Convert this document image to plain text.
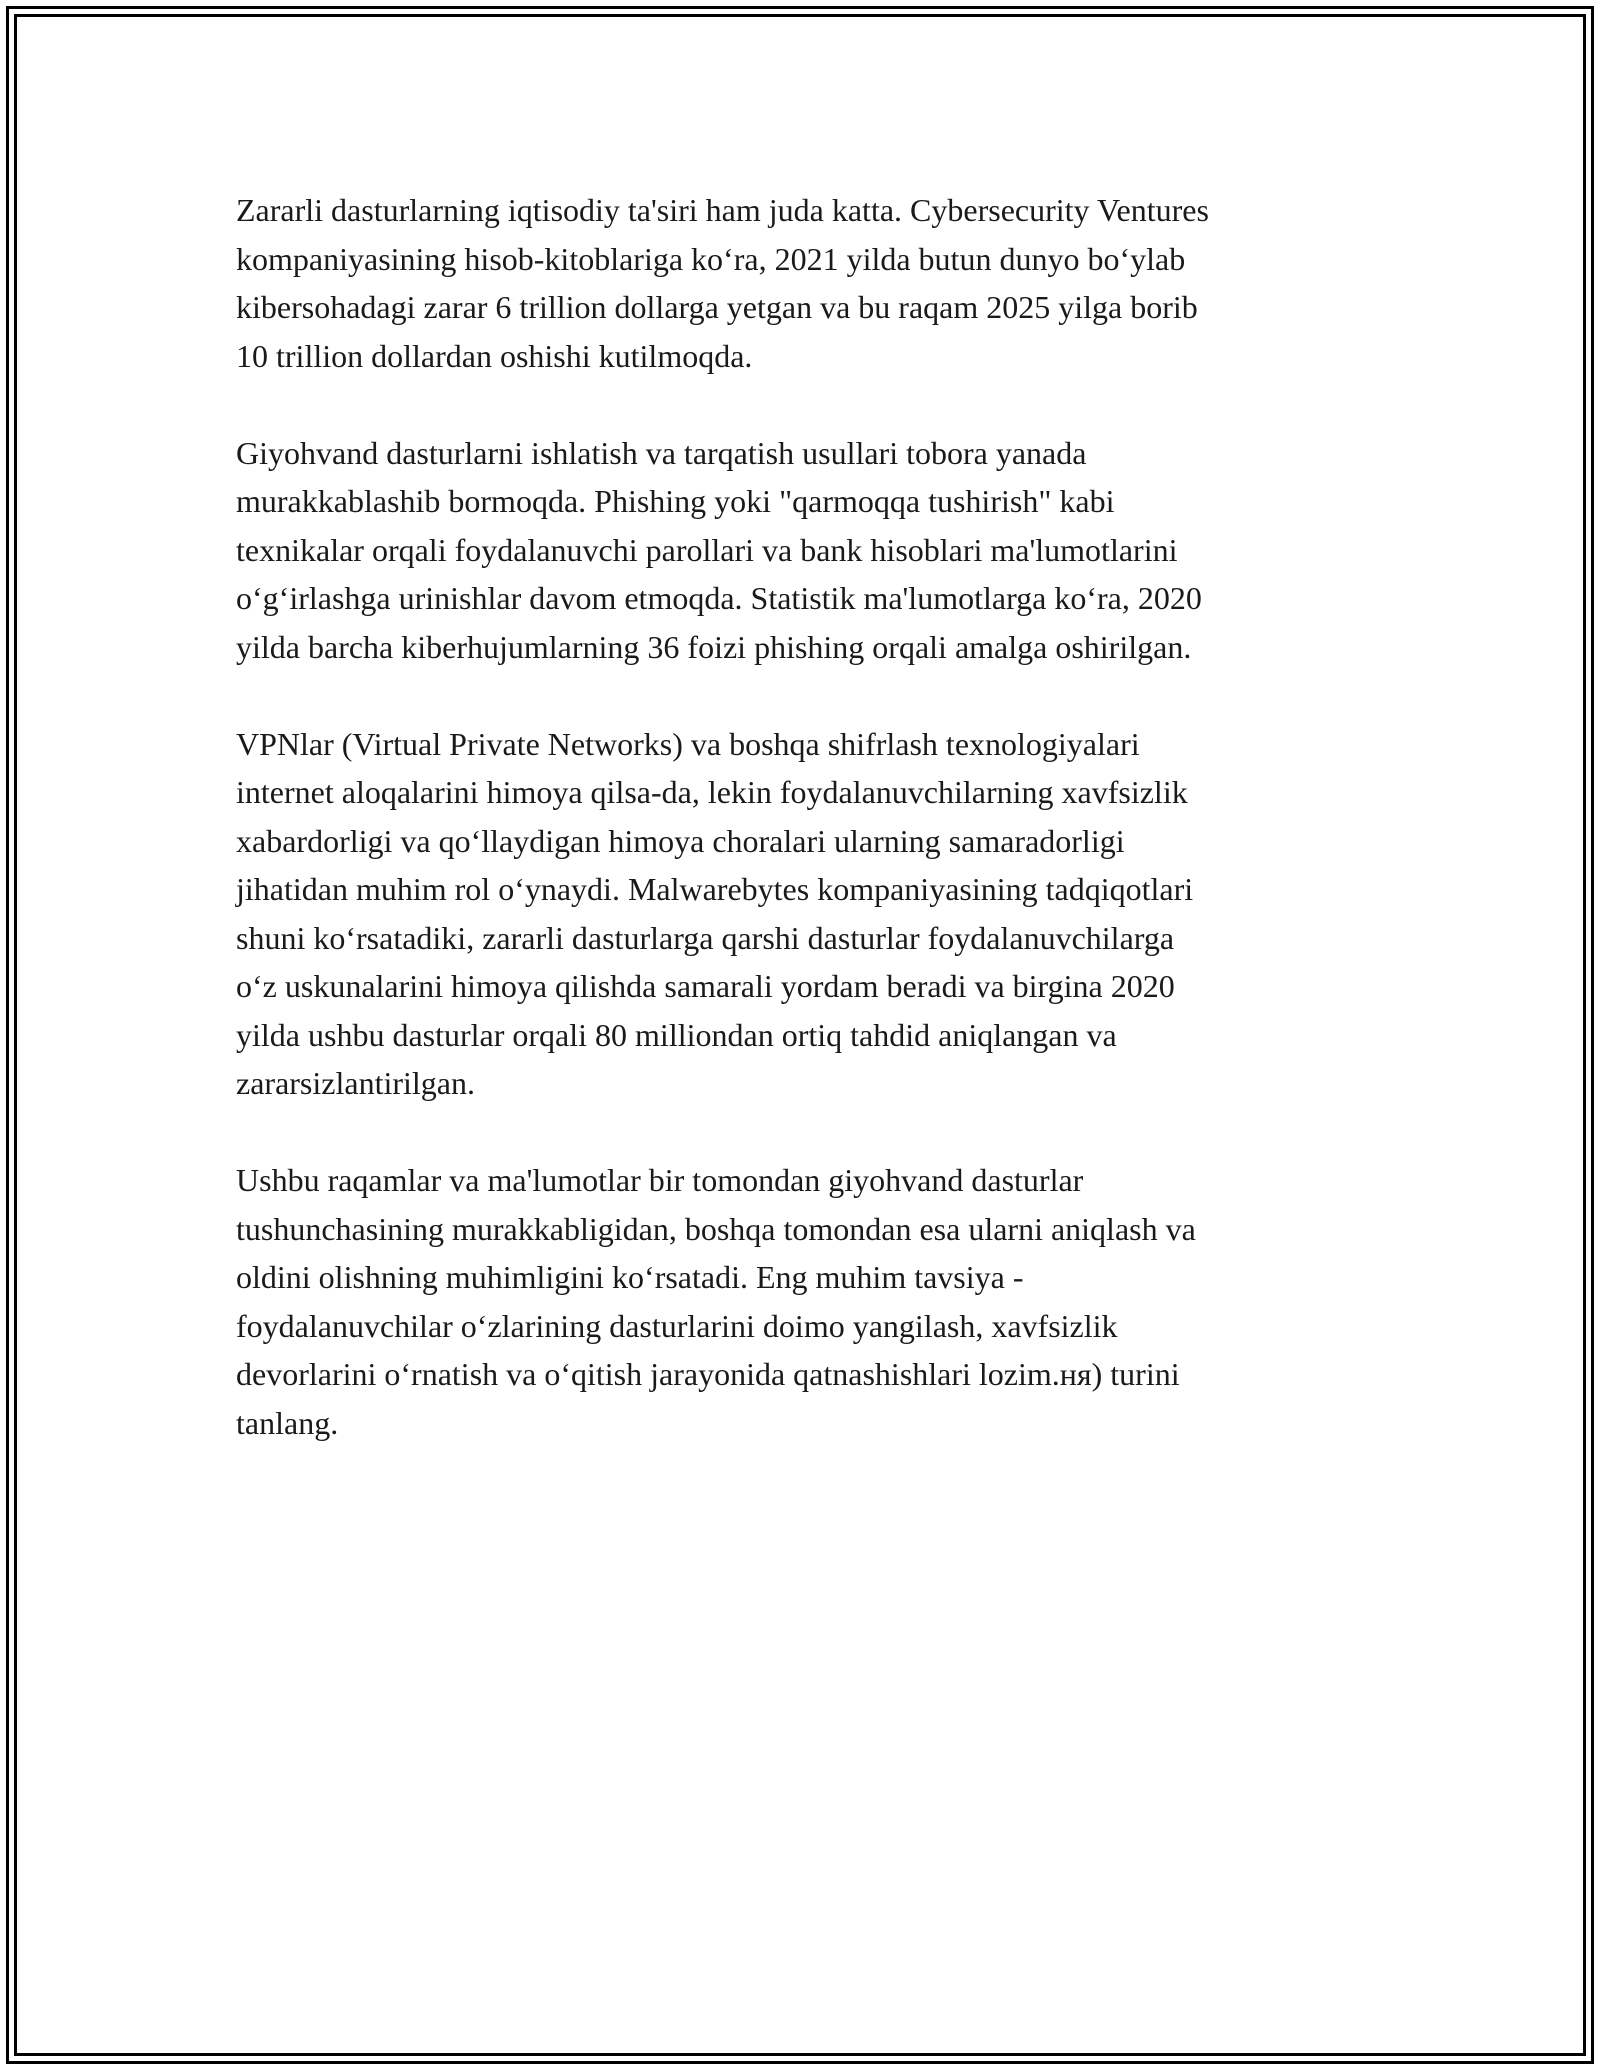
Zararli dasturlarning iqtisodiy ta'siri ham juda katta. Cybersecurity Ventures
kompaniyasining hisob-kitoblariga ko‘ra, 2021 yilda butun dunyo bo‘ylab
kibersohadagi zarar 6 trillion dollarga yetgan va bu raqam 2025 yilga borib
10 trillion dollardan oshishi kutilmoqda.

Giyohvand dasturlarni ishlatish va tarqatish usullari tobora yanada
murakkablashib bormoqda. Phishing yoki "qarmoqqa tushirish" kabi
texnikalar orqali foydalanuvchi parollari va bank hisoblari ma'lumotlarini
o‘g‘irlashga urinishlar davom etmoqda. Statistik ma'lumotlarga ko‘ra, 2020
yilda barcha kiberhujumlarning 36 foizi phishing orqali amalga oshirilgan.

VPNlar (Virtual Private Networks) va boshqa shifrlash texnologiyalari
internet aloqalarini himoya qilsa-da, lekin foydalanuvchilarning xavfsizlik
xabardorligi va qo‘llaydigan himoya choralari ularning samaradorligi
jihatidan muhim rol o‘ynaydi. Malwarebytes kompaniyasining tadqiqotlari
shuni ko‘rsatadiki, zararli dasturlarga qarshi dasturlar foydalanuvchilarga
o‘z uskunalarini himoya qilishda samarali yordam beradi va birgina 2020
yilda ushbu dasturlar orqali 80 milliondan ortiq tahdid aniqlangan va
zararsizlantirilgan.

Ushbu raqamlar va ma'lumotlar bir tomondan giyohvand dasturlar
tushunchasining murakkabligidan, boshqa tomondan esa ularni aniqlash va
oldini olishning muhimligini ko‘rsatadi. Eng muhim tavsiya -
foydalanuvchilar o‘zlarining dasturlarini doimo yangilash, xavfsizlik
devorlarini o‘rnatish va o‘qitish jarayonida qatnashishlari lozim.ня) turini
tanlang.
